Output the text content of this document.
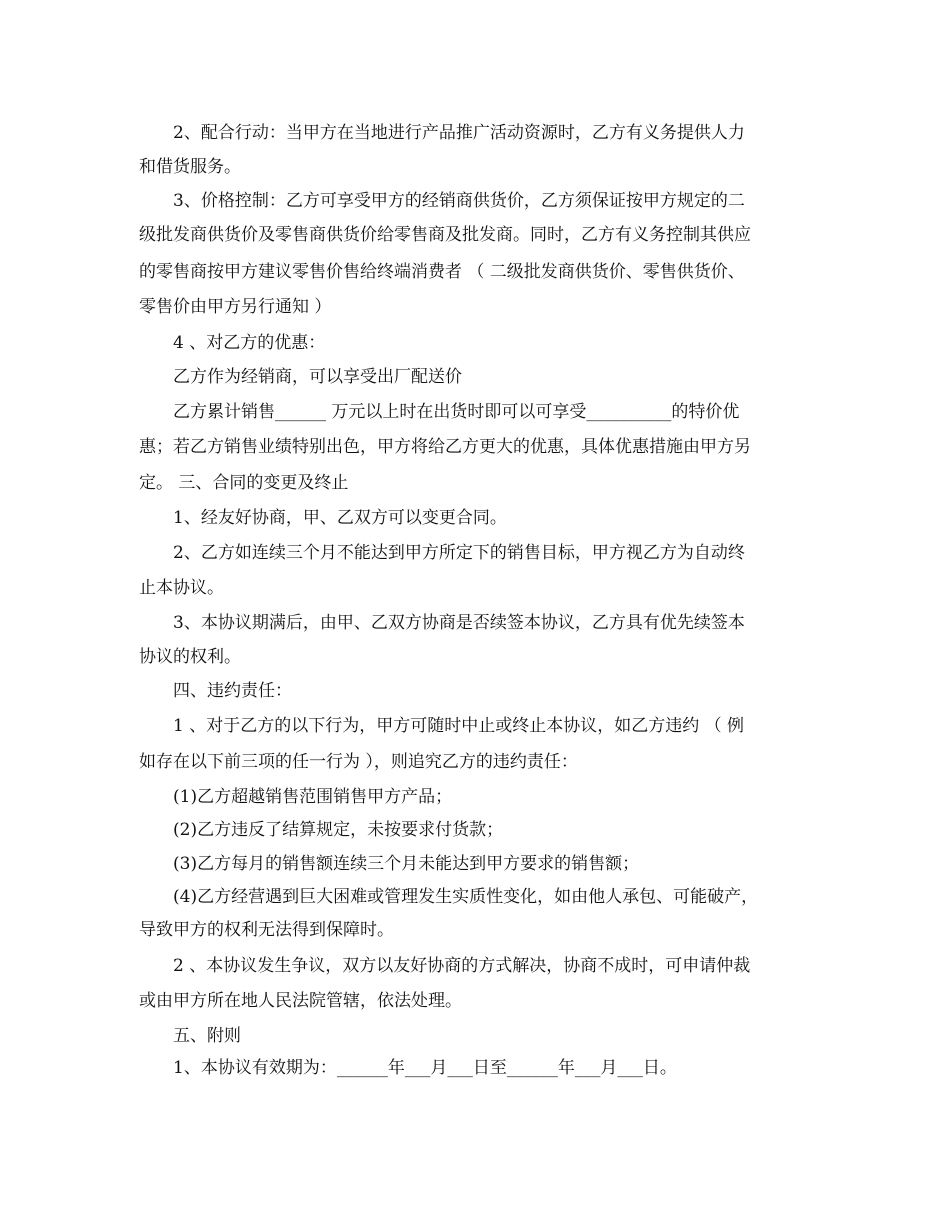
2、配合行动：当甲方在当地进行产品推广活动资源时，乙方有义务提供人力
和借货服务。
3、价格控制：乙方可享受甲方的经销商供货价，乙方须保证按甲方规定的二
级批发商供货价及零售商供货价给零售商及批发商。同时，乙方有义务控制其供应
的零售商按甲方建议零售价售给终端消费者 （ 二级批发商供货价、零售供货价、
零售价由甲方另行通知 ）
4 、对乙方的优惠：
乙方作为经销商，可以享受出厂配送价
乙方累计销售______ 万元以上时在出货时即可以可享受__________的特价优
惠；若乙方销售业绩特别出色，甲方将给乙方更大的优惠，具体优惠措施由甲方另
定。 三、合同的变更及终止
1、经友好协商，甲、乙双方可以变更合同。
2、乙方如连续三个月不能达到甲方所定下的销售目标，甲方视乙方为自动终
止本协议。
3、本协议期满后，由甲、乙双方协商是否续签本协议，乙方具有优先续签本
协议的权利。
四、违约责任：
1 、对于乙方的以下行为，甲方可随时中止或终止本协议，如乙方违约 （ 例
如存在以下前三项的任一行为 ），则追究乙方的违约责任：
(1)乙方超越销售范围销售甲方产品；
(2)乙方违反了结算规定，未按要求付货款；
(3)乙方每月的销售额连续三个月未能达到甲方要求的销售额；
(4)乙方经营遇到巨大困难或管理发生实质性变化，如由他人承包、可能破产，
导致甲方的权利无法得到保障时。
2 、本协议发生争议，双方以友好协商的方式解决，协商不成时，可申请仲裁
或由甲方所在地人民法院管辖，依法处理。
五、附则
1、本协议有效期为：______年___月___日至______年___月___日。
